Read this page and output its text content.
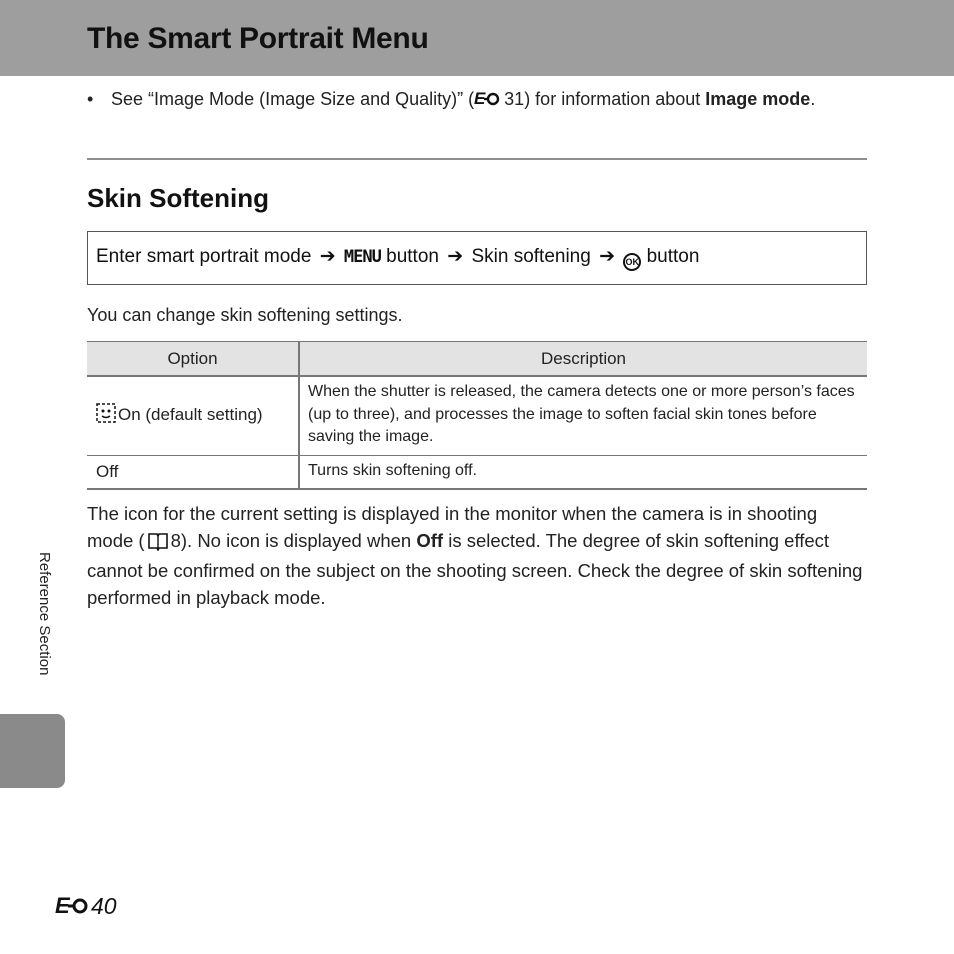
The Smart Portrait Menu
• See “Image Mode (Image Size and Quality)” ( E 31) for information about Image mode.
Skin Softening
Enter smart portrait mode ➔ MENU button ➔ Skin softening ➔ OK button
You can change skin softening settings.
Option	Description
On (default setting)	When the shutter is released, the camera detects one or more person’s faces (up to three), and processes the image to soften facial skin tones before saving the image.
Off	Turns skin softening off.
The icon for the current setting is displayed in the monitor when the camera is in shooting mode ( 8). No icon is displayed when Off is selected. The degree of skin softening effect cannot be confirmed on the subject on the shooting screen. Check the degree of skin softening performed in playback mode.
Reference Section
E 40
